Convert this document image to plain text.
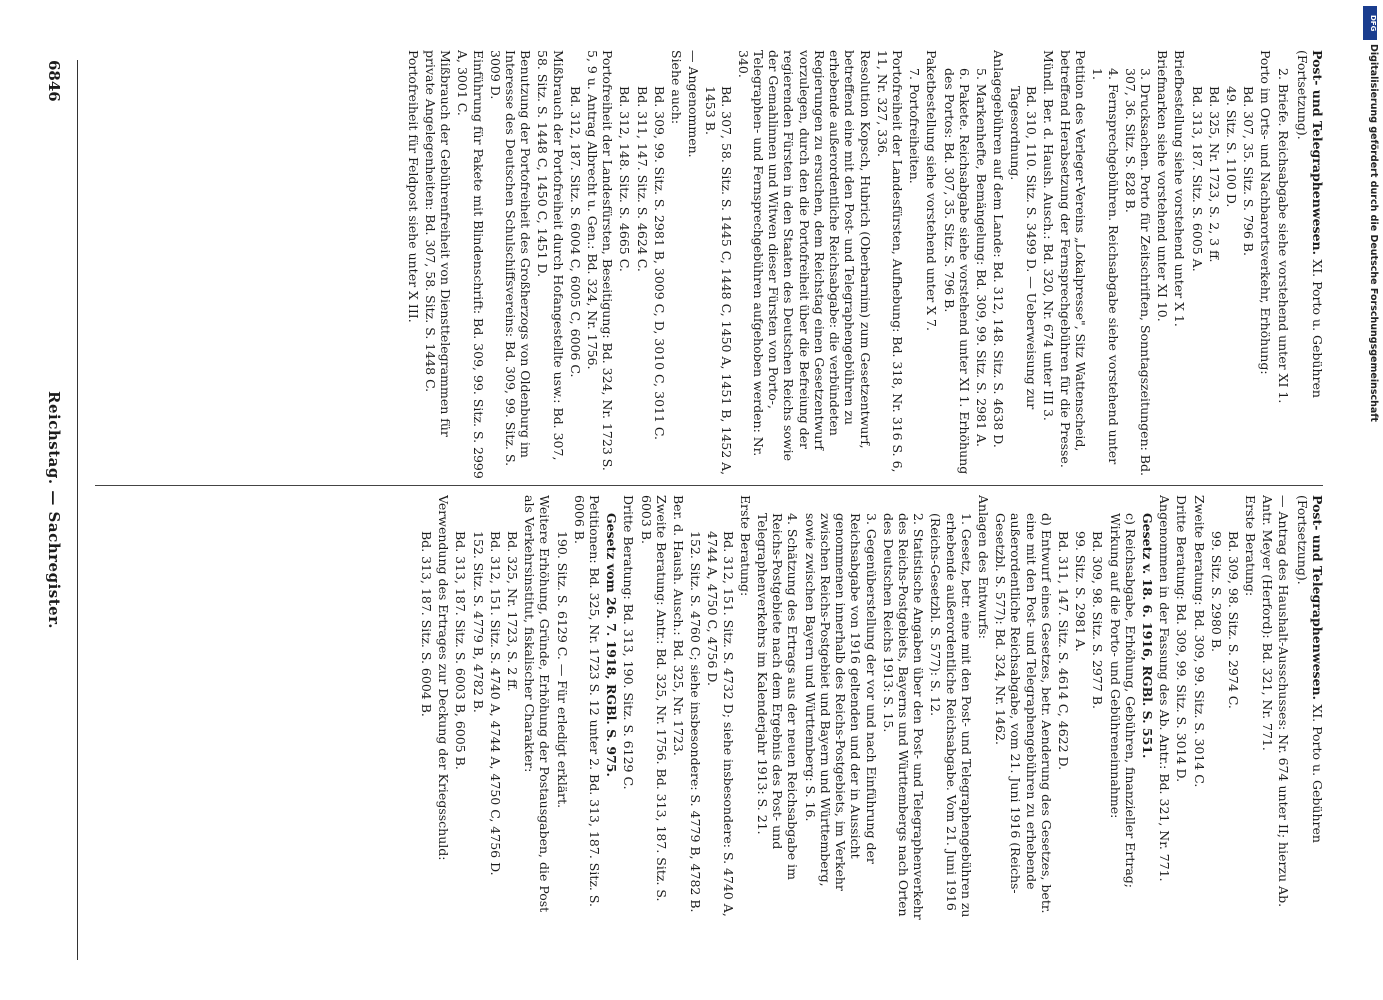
Post- und Telegraphenwesen. XI. Porto u. Gebühren (Fortsetzung).
— Antrag des Haushalt-Ausschusses: Nr. 674 unter II; hierzu Ab. Antr. Meyer (Herford): Bd. 321, Nr. 771.
Erste Beratung:
Bd. 309, 98. Sitz. S. 2974 C.
99. Sitz. S. 2980 B.
Zweite Beratung: Bd. 309, 99. Sitz. S. 3014 C.
Dritte Beratung: Bd. 309, 99. Sitz. S. 3014 D.
Angenommen in der Fassung des Ab. Antr.: Bd. 321, Nr. 771.
Gesetz v. 18. 6. 1916, RGBl. S. 551.
c) Reichsabgabe, Erhöhung, Gebühren, finanzieller Ertrag; Wirkung auf die Porto- und Gebühreneinnahme:
Bd. 309, 98. Sitz. S. 2977 B.
99. Sitz. S. 2981 A.
Bd. 311, 147. Sitz. S. 4614 C, 4622 D.
d) Entwurf eines Gesetzes, betr. Aenderung des Gesetzes, betr. eine mit den Post- und Telegraphengebühren zu erhebende außerordentliche Reichsabgabe, vom 21. Juni 1916 (Reichs-Gesetzbl. S. 577): Bd. 324, Nr. 1462.
Anlagen des Entwurfs:
1. Gesetz, betr. eine mit den Post- und Telegraphengebühren zu erhebende außerordentliche Reichsabgabe. Vom 21. Juni 1916 (Reichs-Gesetzbl. S. 577): S. 12.
2. Statistische Angaben über den Post- und Telegraphenverkehr des Reichs-Postgebiets, Bayerns und Württembergs nach Orten des Deutschen Reichs 1913: S. 15.
3. Gegenüberstellung der vor und nach Einführung der Reichsabgabe von 1916 geltenden und der in Aussicht genommenen innerhalb des Reichs-Postgebiets, im Verkehr zwischen Reichs-Postgebiet und Bayern und Württemberg, sowie zwischen Bayern und Württemberg: S. 16.
4. Schätzung des Ertrags aus der neuen Reichsabgabe im Reichs-Postgebiete nach dem Ergebnis des Post- und Telegraphenverkehrs im Kalenderjahr 1913: S. 21.
Erste Beratung:
Bd. 312, 151. Sitz. S. 4732 D; siehe insbesondere: S. 4740 A, 4744 A, 4750 C, 4756 D.
152. Sitz. S. 4760 C; siehe insbesondere: S. 4779 B, 4782 B.
Ber. d. Haush. Ausch.: Bd. 325, Nr. 1723.
Zweite Beratung: Antr.: Bd. 325, Nr. 1756. Bd. 313, 187. Sitz. S. 6003 B.
Dritte Beratung: Bd. 313, 190. Sitz. S. 6129 C.
Gesetz vom 26. 7. 1918, RGBl. S. 975.
Petitionen: Bd. 325, Nr. 1723 S. 12 unter 2. Bd. 313, 187. Sitz. S. 6006 B.
190. Sitz. S. 6129 C. — Für erledigt erklärt.
Weitere Erhöhung, Gründe, Erhöhung der Postausgaben, die Post als Verkehrsinstitut, fiskalischer Charakter:
Bd. 325, Nr. 1723, S. 2 ff.
Bd. 312, 151. Sitz. S. 4740 A, 4744 A, 4750 C, 4756 D.
152. Sitz. S. 4779 B, 4782 B.
Bd. 313, 187. Sitz. S. 6003 B, 6005 B.
Verwendung des Ertrages zur Deckung der Kriegsschuld:
Bd. 313, 187. Sitz. S. 6004 B.
Post- und Telegraphenwesen. XI. Porto u. Gebühren (Fortsetzung).
2. Briefe. Reichsabgabe siehe vorstehend unter XI 1.
Porto im Orts- und Nachbarortsverkehr, Erhöhung:
Bd. 307, 35. Sitz. S. 796 B.
49. Sitz. S. 1100 D.
Bd. 325, Nr. 1723, S. 2, 3 ff.
Bd. 313, 187. Sitz. S. 6005 A.
Briefbestellung siehe vorstehend unter X 1.
Briefmarken siehe vorstehend unter XI 10.
3. Drucksachen. Porto für Zeitschriften, Sonntagszeitungen: Bd. 307, 36. Sitz. S. 828 B.
4. Fernsprechgebühren. Reichsabgabe siehe vorstehend unter 1.
Petition des Verleger-Vereins „Lokalpresse", Sitz Wattenscheid, betreffend Herabsetzung der Fernsprechgebühren für die Presse.
Mündl. Ber. d. Haush. Ausch.: Bd. 320, Nr. 674 unter III 3.
Bd. 310, 110. Sitz. S. 3499 D. — Ueberweisung zur Tagesordnung.
Anlagegebühren auf dem Lande: Bd. 312, 148. Sitz. S. 4638 D.
5. Markenhefte, Bemängelung: Bd. 309, 99. Sitz. S. 2981 A.
6. Pakete. Reichsabgabe siehe vorstehend unter XI 1. Erhöhung des Portos: Bd. 307, 35. Sitz. S. 796 B.
Paketbestellung siehe vorstehend unter X 7.
7. Portofreiheiten.
Portofreiheit der Landesfürsten, Aufhebung: Bd. 318, Nr. 316 S. 6, 11, Nr. 327, 336.
Resolution Kopsch, Hubrich (Oberbarnim) zum Gesetzentwurf, betreffend eine mit den Post- und Telegraphengebühren zu erhebende außerordentliche Reichsabgabe: die verbündeten Regierungen zu ersuchen, dem Reichstag einen Gesetzentwurf vorzulegen, durch den die Portofreiheit über die Befreiung der regierenden Fürsten in den Staaten des Deutschen Reichs sowie der Gemahlinnen und Witwen dieser Fürsten von Porto-, Telegraphen- und Fernsprechgebühren aufgehoben werden: Nr. 340.
Bd. 307, 58. Sitz. S. 1445 C, 1448 C, 1450 A, 1451 B, 1452 A, 1453 B.
— Angenommen.
Siehe auch:
Bd. 309, 99. Sitz. S. 2981 B, 3009 C, D, 3010 C, 3011 C.
Bd. 311, 147. Sitz. S. 4624 C.
Bd. 312, 148. Sitz. S. 4665 C.
Portofreiheit der Landesfürsten, Beseitigung: Bd. 324, Nr. 1723 S. 5, 9 u. Antrag Albrecht u. Gen.: Bd. 324, Nr. 1756.
Bd. 312, 187. Sitz. S. 6004 C, 6005 C, 6006 C.
Mißbrauch der Portofreiheit durch Hofangestellte usw.: Bd. 307, 58. Sitz. S. 1448 C, 1450 C, 1451 D.
Benutzung der Portofreiheit des Großherzogs von Oldenburg im Interesse des Deutschen Schulschiffsvereins: Bd. 309, 99. Sitz. S. 3009 D.
Einführung für Pakete mit Blindenschrift: Bd. 309, 99. Sitz. S. 2999 A, 3001 C.
Mißbrauch der Gebührenfreiheit von Diensttelegrammen für private Angelegenheiten: Bd. 307, 58. Sitz. S. 1448 C.
Portofreiheit für Feldpost siehe unter X III.
6846
Reichstag. — Sachregister.
DFG
Digitalisierung gefördert durch die Deutsche Forschungsgemeinschaft
